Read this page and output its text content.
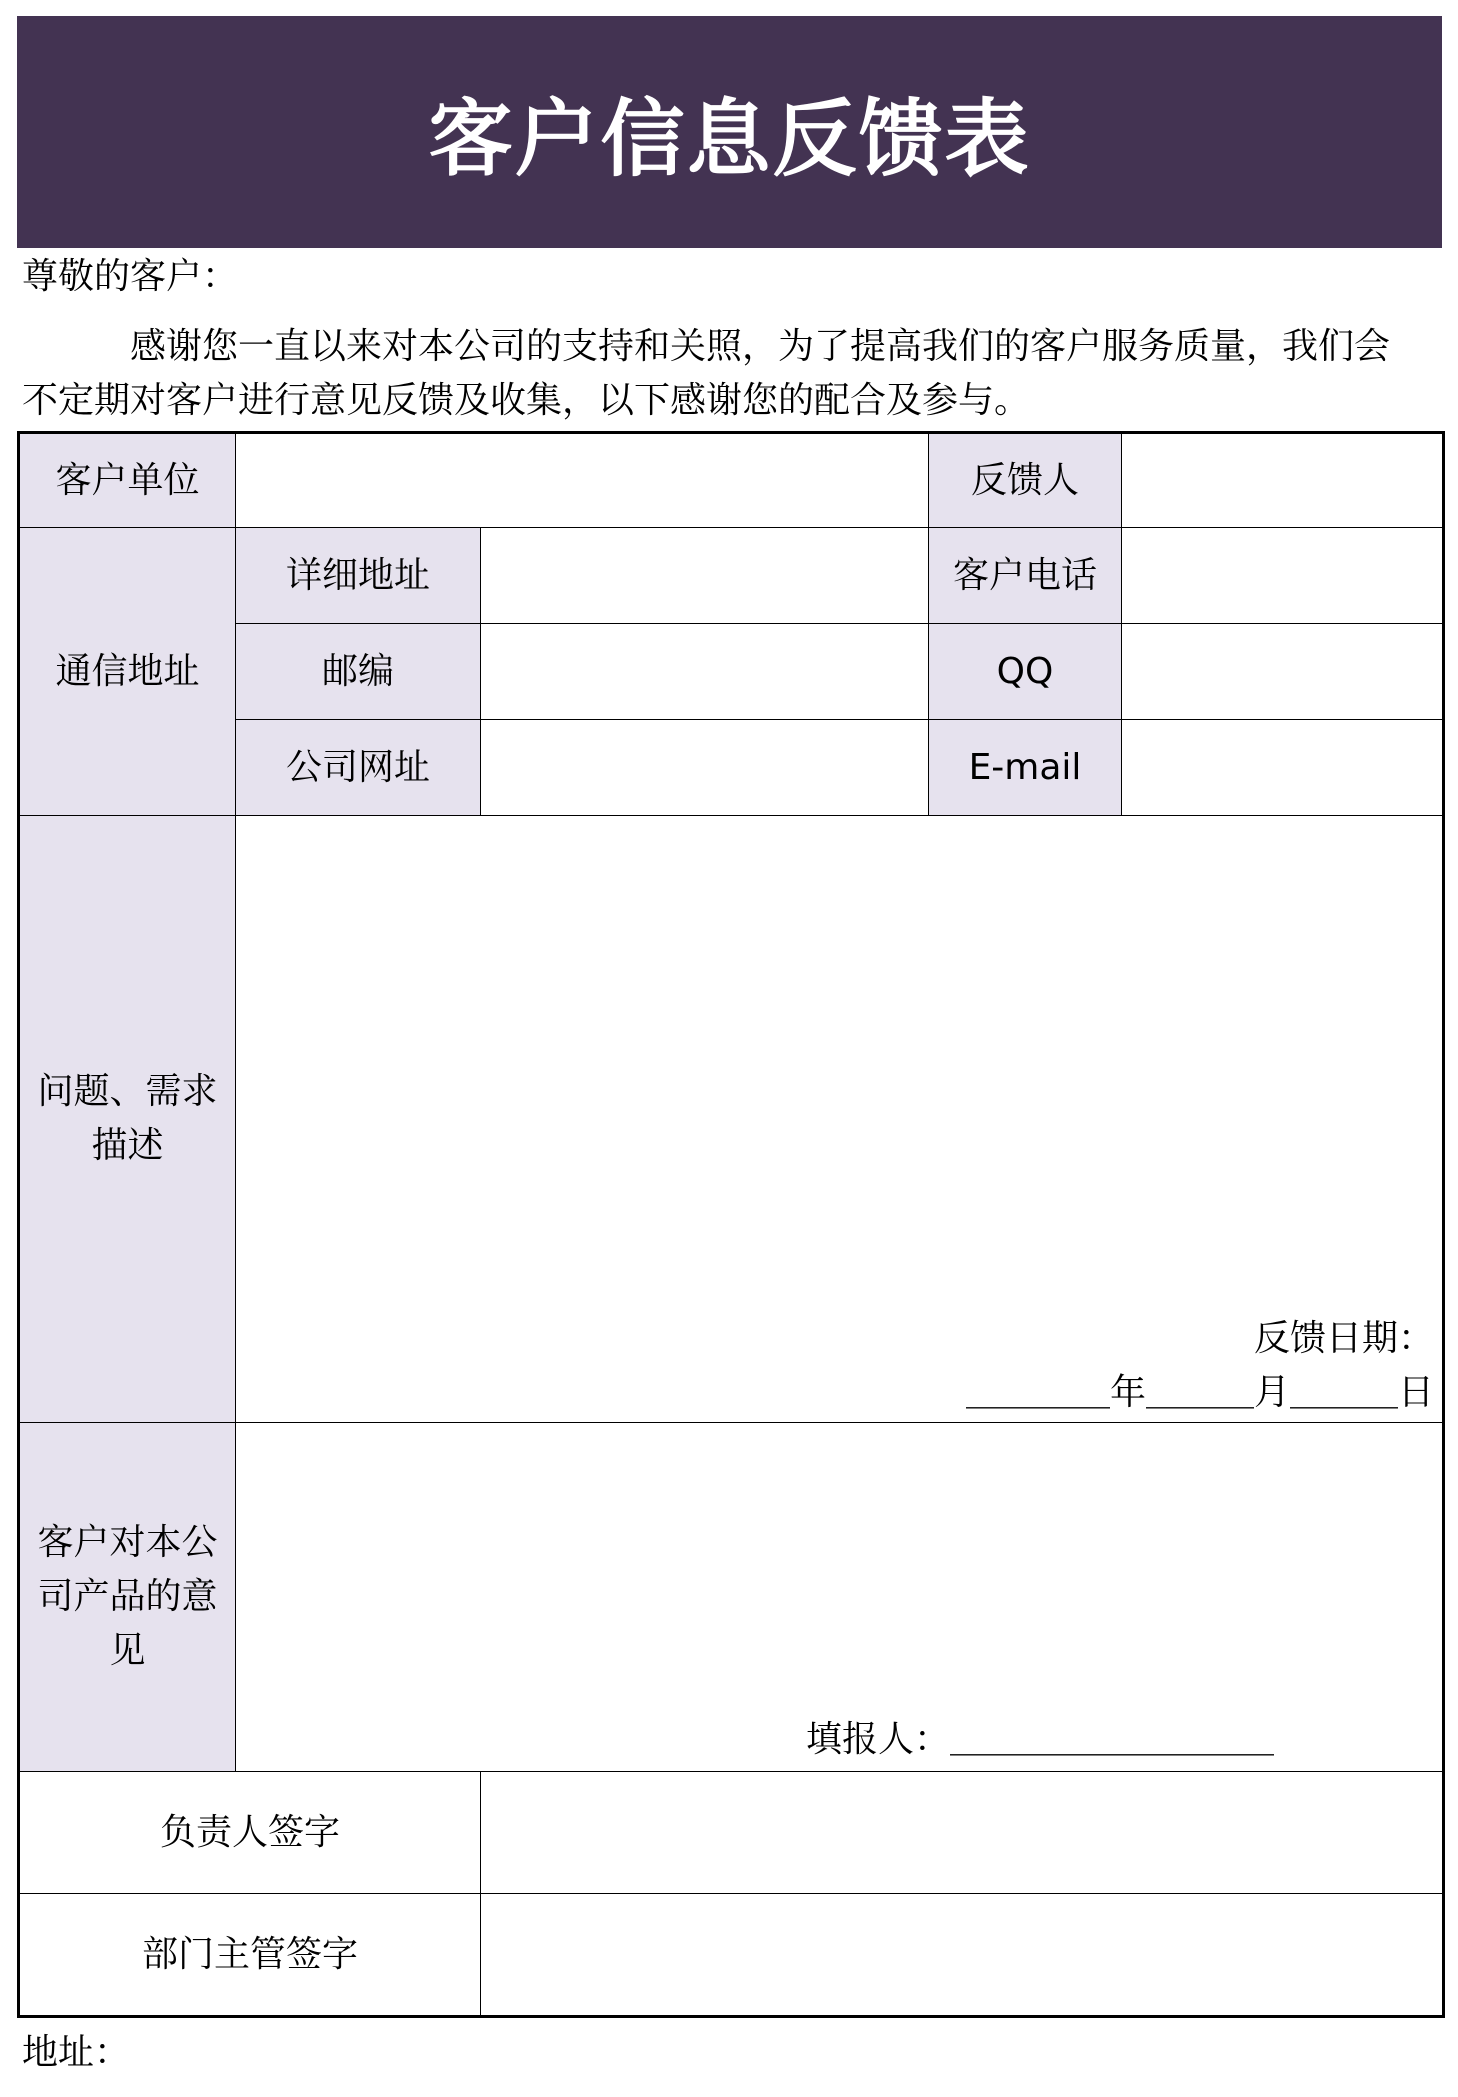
客户信息反馈表
尊敬的客户：
感谢您一直以来对本公司的支持和关照，为了提高我们的客户服务质量，我们会不定期对客户进行意见反馈及收集，以下感谢您的配合及参与。
客户单位			反馈人	
通信地址	详细地址		客户电话	
	邮编		QQ	
	公司网址		E-mail	
问题、需求描述	反馈日期：
＿＿＿＿年＿＿＿月＿＿＿日			

客户对本公司产品的意见	填报人：＿＿＿＿＿＿＿＿＿			

负责人签字				
部门主管签字				
地址：
